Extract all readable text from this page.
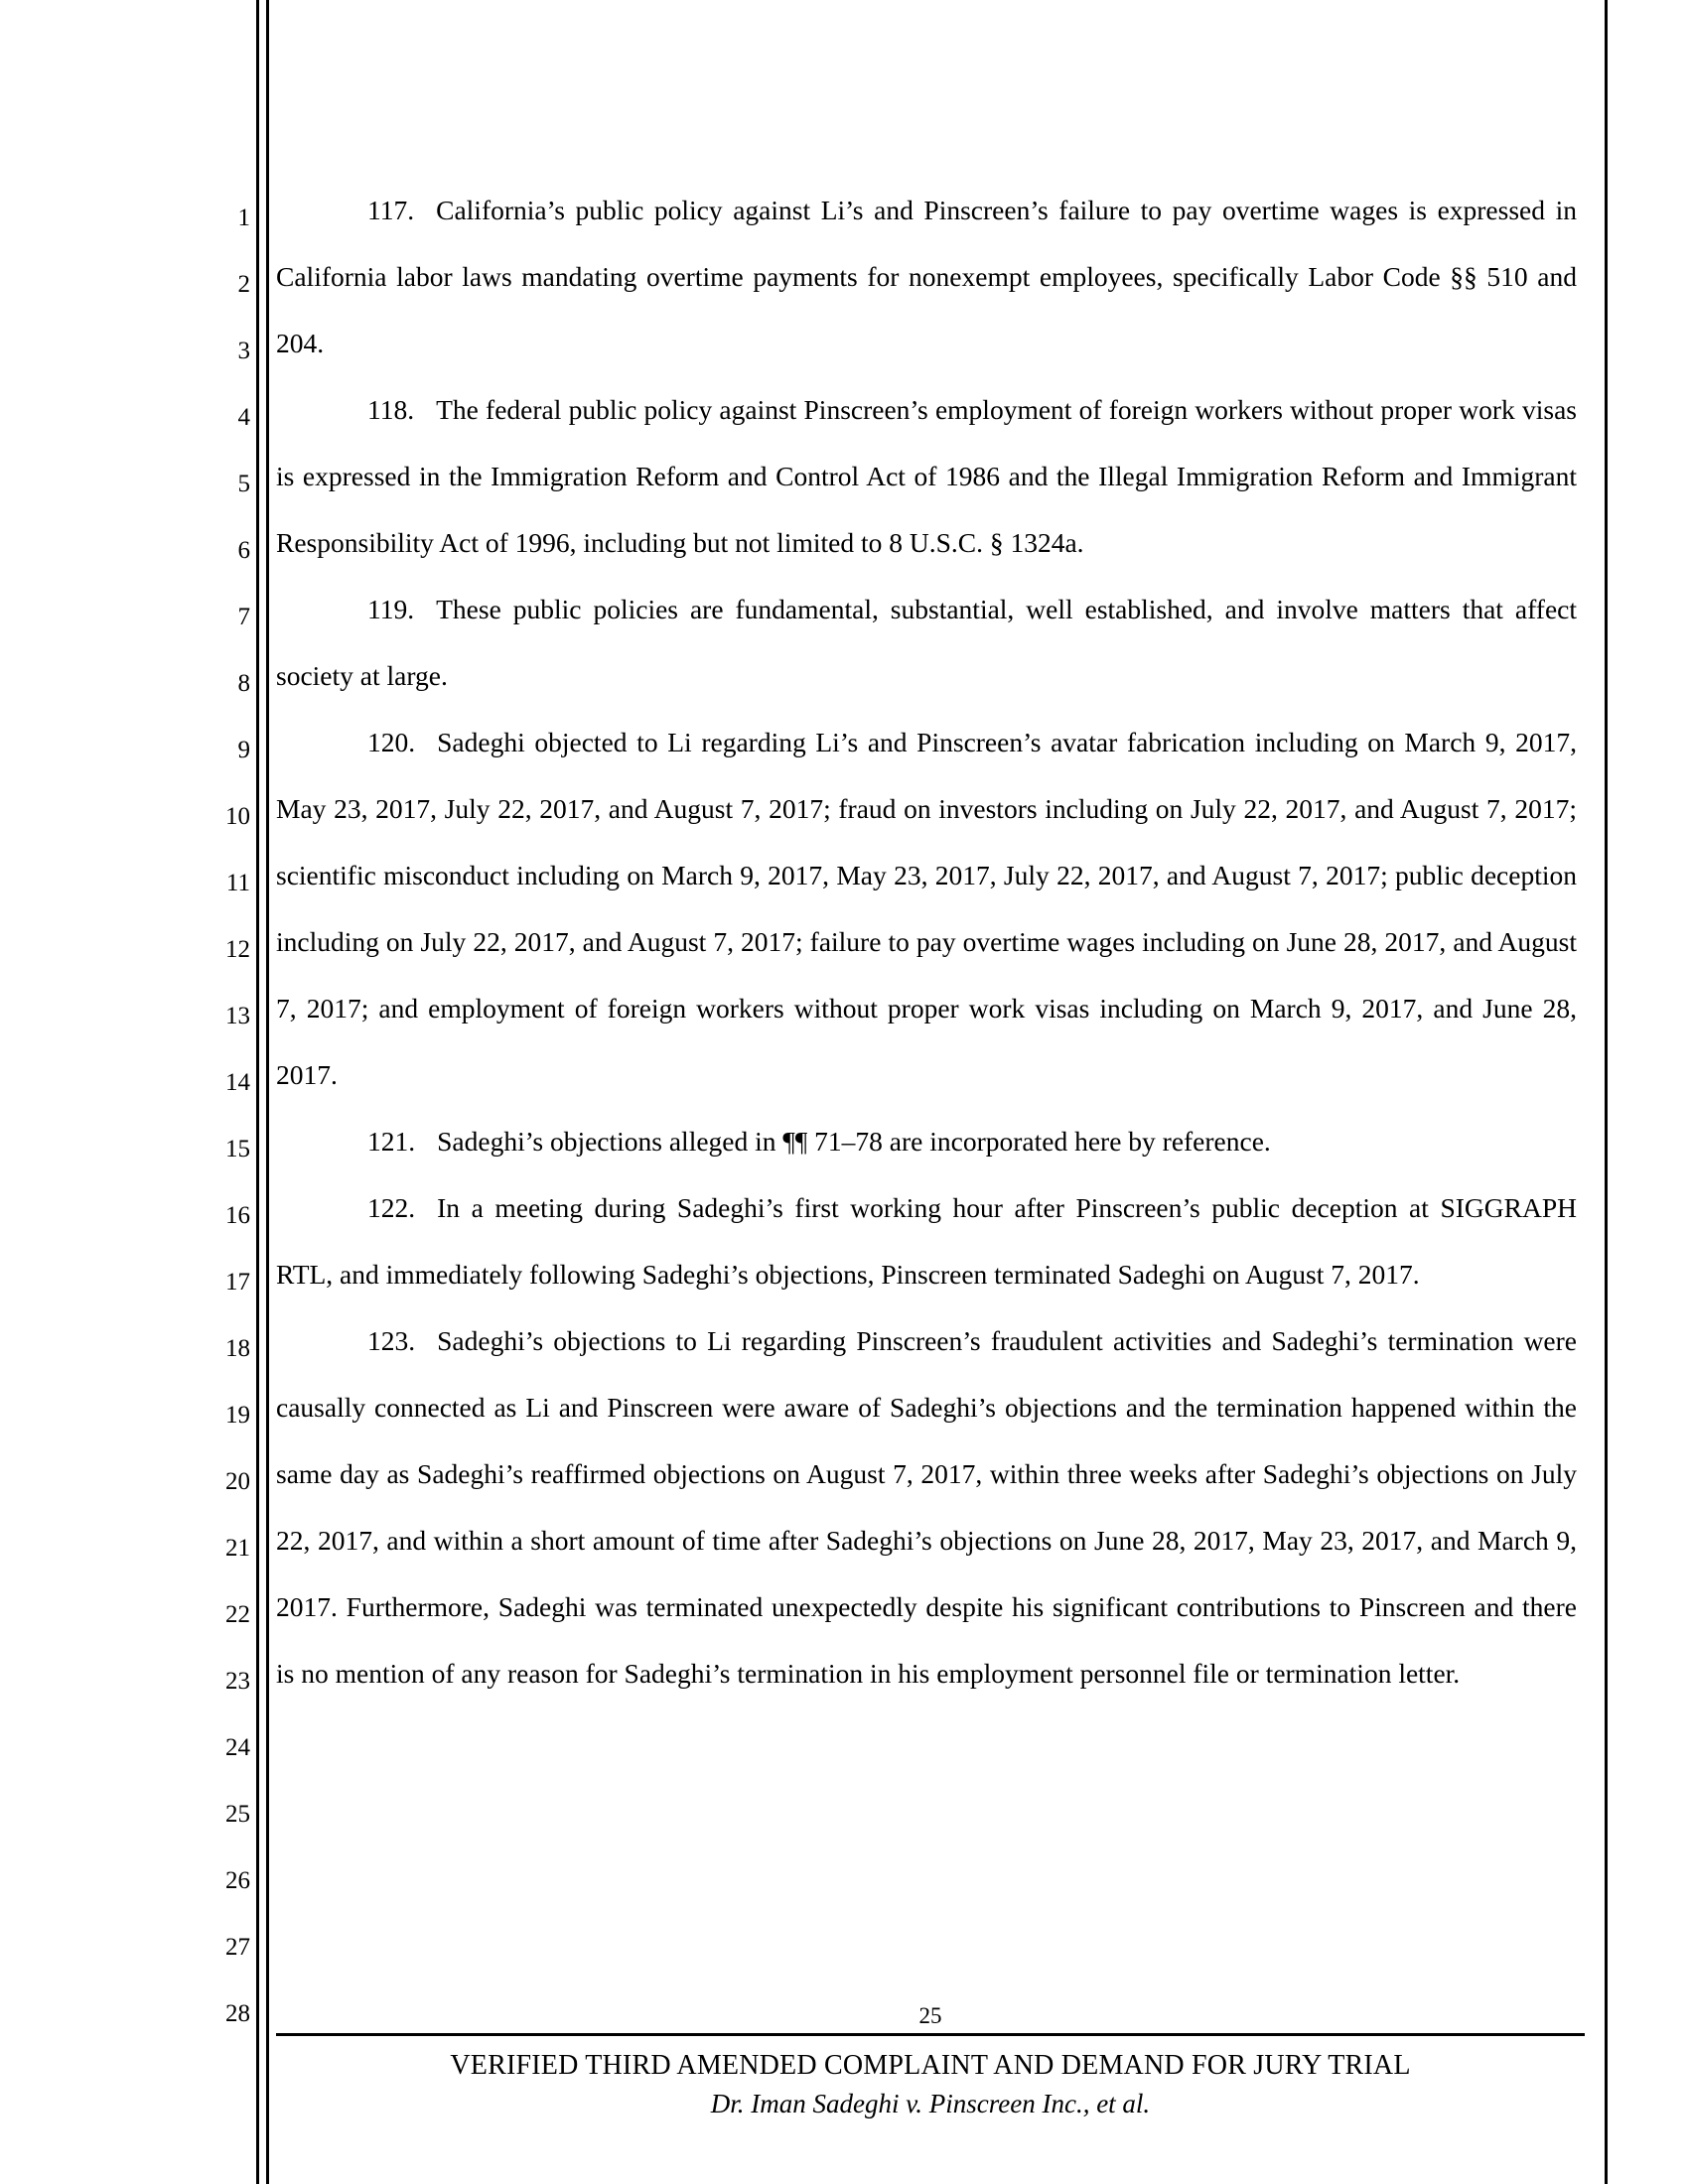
1
2
3
4
5
6
7
8
9
10
11
12
13
14
15
16
17
18
19
20
21
22
23
24
25
26
27
28

117. California’s public policy against Li’s and Pinscreen’s failure to pay overtime wages is expressed in California labor laws mandating overtime payments for nonexempt employees, specifically Labor Code §§ 510 and 204.

118. The federal public policy against Pinscreen’s employment of foreign workers without proper work visas is expressed in the Immigration Reform and Control Act of 1986 and the Illegal Immigration Reform and Immigrant Responsibility Act of 1996, including but not limited to 8 U.S.C. § 1324a.

119. These public policies are fundamental, substantial, well established, and involve matters that affect society at large.

120. Sadeghi objected to Li regarding Li’s and Pinscreen’s avatar fabrication including on March 9, 2017, May 23, 2017, July 22, 2017, and August 7, 2017; fraud on investors including on July 22, 2017, and August 7, 2017; scientific misconduct including on March 9, 2017, May 23, 2017, July 22, 2017, and August 7, 2017; public deception including on July 22, 2017, and August 7, 2017; failure to pay overtime wages including on June 28, 2017, and August 7, 2017; and employment of foreign workers without proper work visas including on March 9, 2017, and June 28, 2017.

121. Sadeghi’s objections alleged in ¶¶ 71–78 are incorporated here by reference.

122. In a meeting during Sadeghi’s first working hour after Pinscreen’s public deception at SIGGRAPH RTL, and immediately following Sadeghi’s objections, Pinscreen terminated Sadeghi on August 7, 2017.

123. Sadeghi’s objections to Li regarding Pinscreen’s fraudulent activities and Sadeghi’s termination were causally connected as Li and Pinscreen were aware of Sadeghi’s objections and the termination happened within the same day as Sadeghi’s reaffirmed objections on August 7, 2017, within three weeks after Sadeghi’s objections on July 22, 2017, and within a short amount of time after Sadeghi’s objections on June 28, 2017, May 23, 2017, and March 9, 2017. Furthermore, Sadeghi was terminated unexpectedly despite his significant contributions to Pinscreen and there is no mention of any reason for Sadeghi’s termination in his employment personnel file or termination letter.

25
VERIFIED THIRD AMENDED COMPLAINT AND DEMAND FOR JURY TRIAL
Dr. Iman Sadeghi v. Pinscreen Inc., et al.
